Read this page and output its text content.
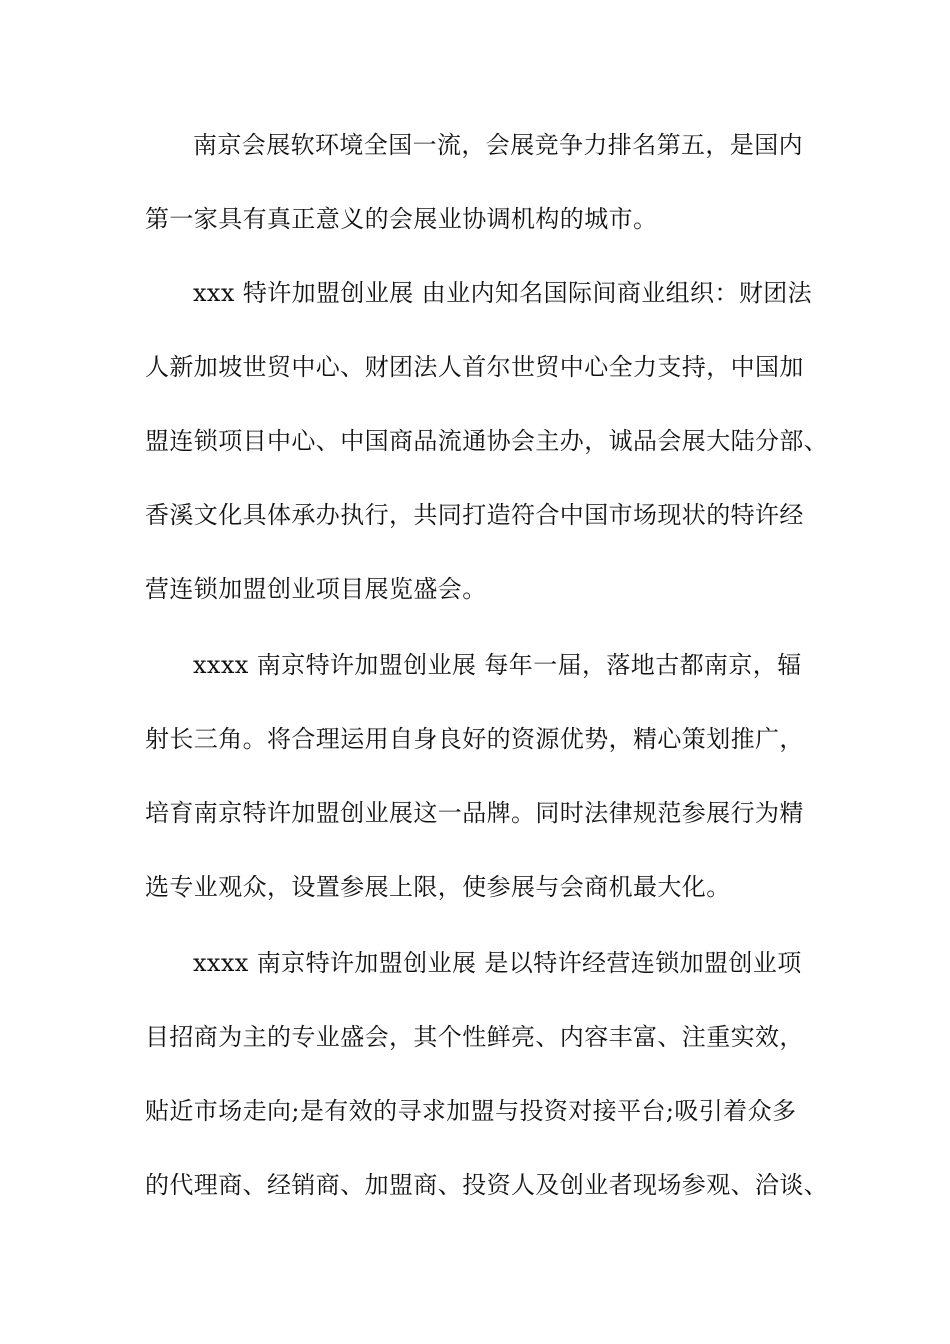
南京会展软环境全国一流，会展竞争力排名第五，是国内
第一家具有真正意义的会展业协调机构的城市。
xxx 特许加盟创业展 由业内知名国际间商业组织：财团法
人新加坡世贸中心、财团法人首尔世贸中心全力支持，中国加
盟连锁项目中心、中国商品流通协会主办，诚品会展大陆分部、
香溪文化具体承办执行，共同打造符合中国市场现状的特许经
营连锁加盟创业项目展览盛会。
xxxx 南京特许加盟创业展 每年一届，落地古都南京，辐
射长三角。将合理运用自身良好的资源优势，精心策划推广，
培育南京特许加盟创业展这一品牌。同时法律规范参展行为精
选专业观众，设置参展上限，使参展与会商机最大化。
xxxx 南京特许加盟创业展 是以特许经营连锁加盟创业项
目招商为主的专业盛会，其个性鲜亮、内容丰富、注重实效，
贴近市场走向;是有效的寻求加盟与投资对接平台;吸引着众多
的代理商、经销商、加盟商、投资人及创业者现场参观、洽谈、
